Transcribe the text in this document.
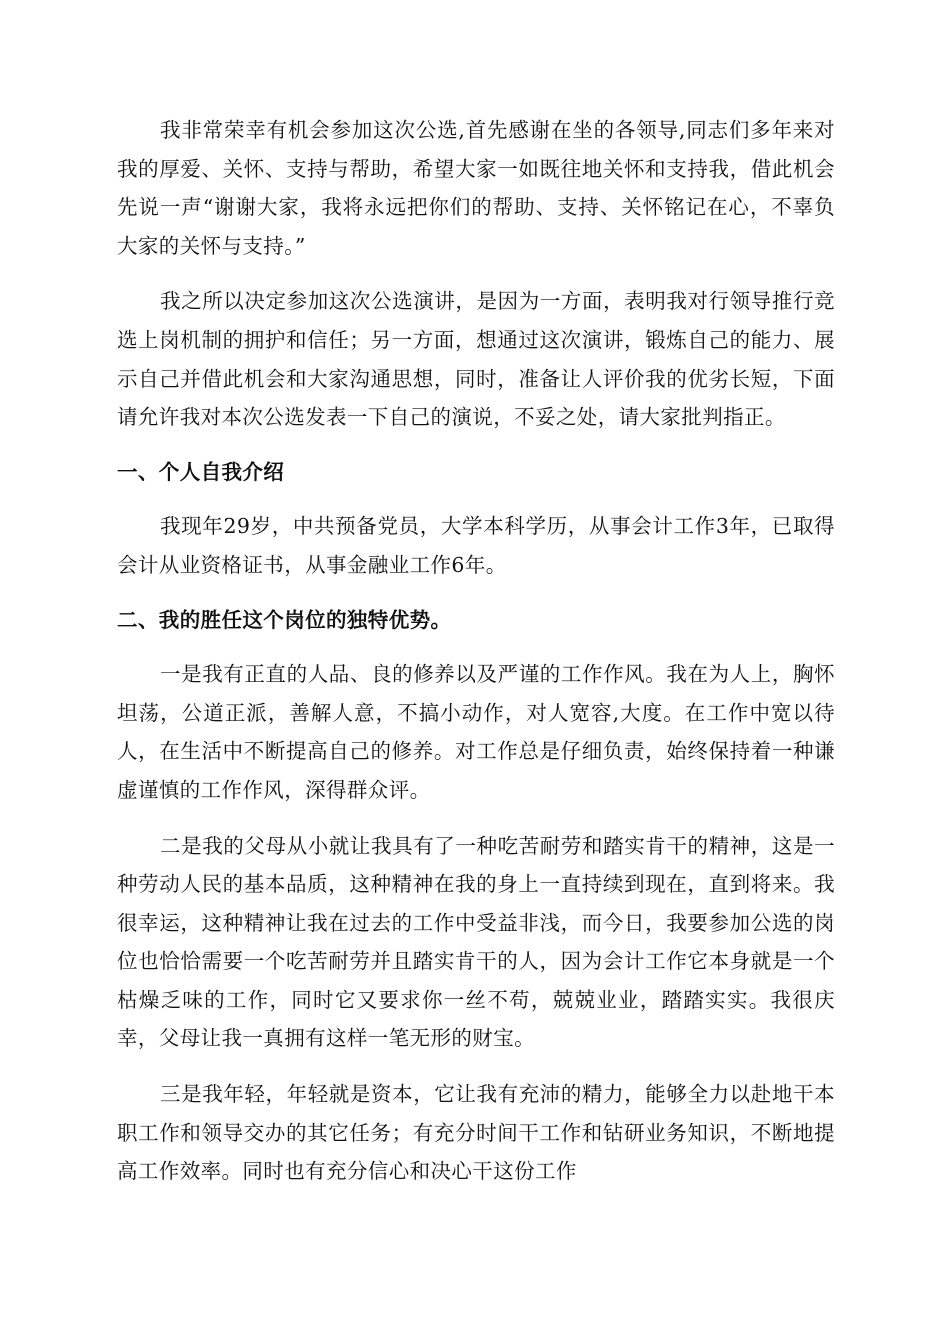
我非常荣幸有机会参加这次公选,首先感谢在坐的各领导,同志们多年来对我的厚爱、关怀、支持与帮助，希望大家一如既往地关怀和支持我，借此机会先说一声“谢谢大家，我将永远把你们的帮助、支持、关怀铭记在心，不辜负大家的关怀与支持。”

我之所以决定参加这次公选演讲，是因为一方面，表明我对行领导推行竞选上岗机制的拥护和信任；另一方面，想通过这次演讲，锻炼自己的能力、展示自己并借此机会和大家沟通思想，同时，准备让人评价我的优劣长短，下面请允许我对本次公选发表一下自己的演说，不妥之处，请大家批判指正。

一、个人自我介绍

我现年29岁，中共预备党员，大学本科学历，从事会计工作3年，已取得会计从业资格证书，从事金融业工作6年。

二、我的胜任这个岗位的独特优势。

一是我有正直的人品、良的修养以及严谨的工作作风。我在为人上，胸怀坦荡，公道正派，善解人意，不搞小动作，对人宽容,大度。在工作中宽以待人，在生活中不断提高自己的修养。对工作总是仔细负责，始终保持着一种谦虚谨慎的工作作风，深得群众评。

二是我的父母从小就让我具有了一种吃苦耐劳和踏实肯干的精神，这是一种劳动人民的基本品质，这种精神在我的身上一直持续到现在，直到将来。我很幸运，这种精神让我在过去的工作中受益非浅，而今日，我要参加公选的岗位也恰恰需要一个吃苦耐劳并且踏实肯干的人，因为会计工作它本身就是一个枯燥乏味的工作，同时它又要求你一丝不苟，兢兢业业，踏踏实实。我很庆幸，父母让我一真拥有这样一笔无形的财宝。

三是我年轻，年轻就是资本，它让我有充沛的精力，能够全力以赴地干本职工作和领导交办的其它任务；有充分时间干工作和钻研业务知识，不断地提高工作效率。同时也有充分信心和决心干这份工作
